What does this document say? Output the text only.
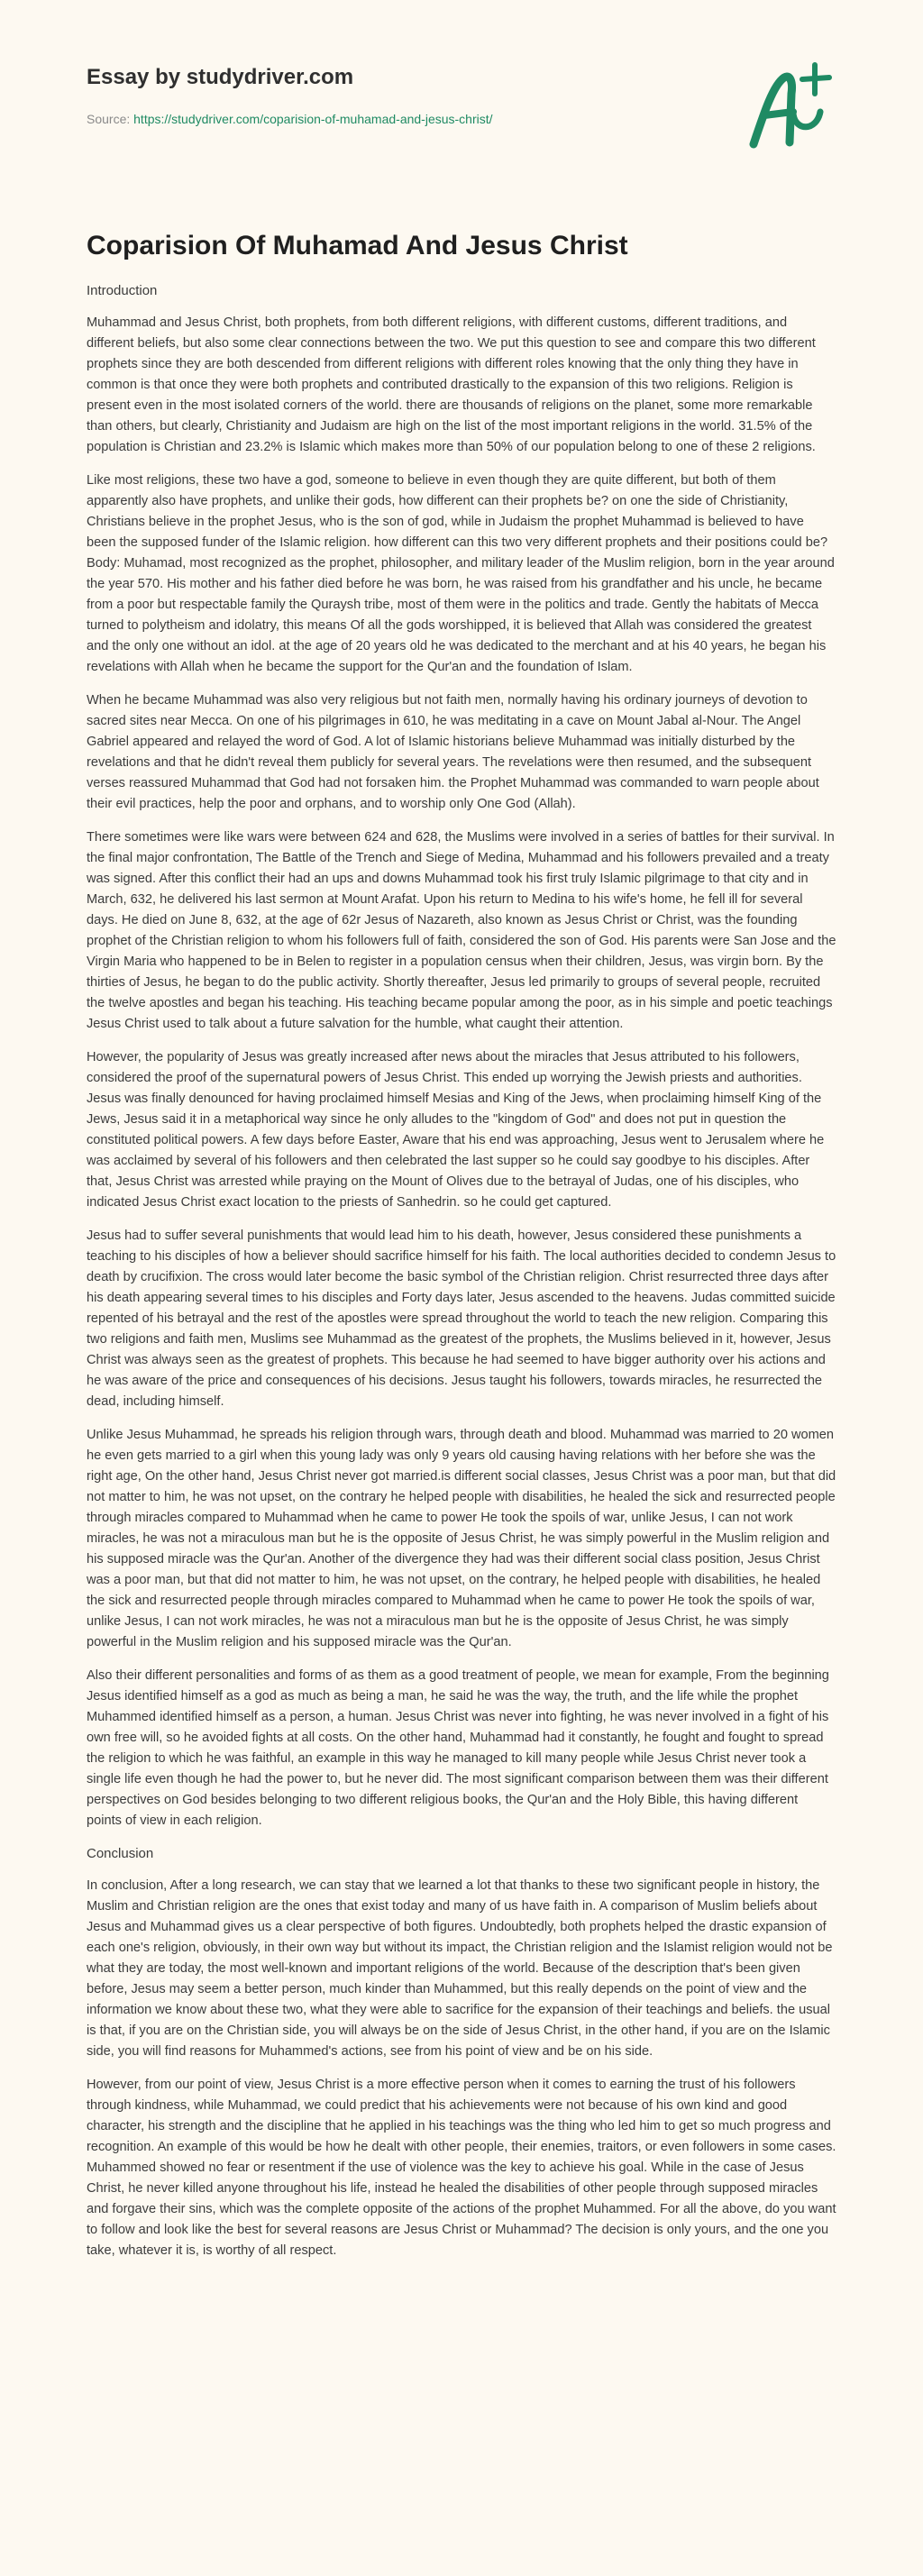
Essay by studydriver.com
Source: https://studydriver.com/coparision-of-muhamad-and-jesus-christ/
Coparision Of Muhamad And Jesus Christ

Introduction

Muhammad and Jesus Christ, both prophets, from both different religions, with different customs, different traditions, and different beliefs, but also some clear connections between the two. We put this question to see and compare this two different prophets since they are both descended from different religions with different roles knowing that the only thing they have in common is that once they were both prophets and contributed drastically to the expansion of this two religions. Religion is present even in the most isolated corners of the world. there are thousands of religions on the planet, some more remarkable than others, but clearly, Christianity and Judaism are high on the list of the most important religions in the world. 31.5% of the population is Christian and 23.2% is Islamic which makes more than 50% of our population belong to one of these 2 religions.

Like most religions, these two have a god, someone to believe in even though they are quite different, but both of them apparently also have prophets, and unlike their gods, how different can their prophets be? on one the side of Christianity, Christians believe in the prophet Jesus, who is the son of god, while in Judaism the prophet Muhammad is believed to have been the supposed funder of the Islamic religion. how different can this two very different prophets and their positions could be? Body: Muhamad, most recognized as the prophet, philosopher, and military leader of the Muslim religion, born in the year around the year 570. His mother and his father died before he was born, he was raised from his grandfather and his uncle, he became from a poor but respectable family the Quraysh tribe, most of them were in the politics and trade. Gently the habitats of Mecca turned to polytheism and idolatry, this means Of all the gods worshipped, it is believed that Allah was considered the greatest and the only one without an idol. at the age of 20 years old he was dedicated to the merchant and at his 40 years, he began his revelations with Allah when he became the support for the Qur'an and the foundation of Islam.

When he became Muhammad was also very religious but not faith men, normally having his ordinary journeys of devotion to sacred sites near Mecca. On one of his pilgrimages in 610, he was meditating in a cave on Mount Jabal al-Nour. The Angel Gabriel appeared and relayed the word of God. A lot of Islamic historians believe Muhammad was initially disturbed by the revelations and that he didn't reveal them publicly for several years. The revelations were then resumed, and the subsequent verses reassured Muhammad that God had not forsaken him. the Prophet Muhammad was commanded to warn people about their evil practices, help the poor and orphans, and to worship only One God (Allah).

There sometimes were like wars were between 624 and 628, the Muslims were involved in a series of battles for their survival. In the final major confrontation, The Battle of the Trench and Siege of Medina, Muhammad and his followers prevailed and a treaty was signed. After this conflict their had an ups and downs Muhammad took his first truly Islamic pilgrimage to that city and in March, 632, he delivered his last sermon at Mount Arafat. Upon his return to Medina to his wife's home, he fell ill for several days. He died on June 8, 632, at the age of 62r Jesus of Nazareth, also known as Jesus Christ or Christ, was the founding prophet of the Christian religion to whom his followers full of faith, considered the son of God. His parents were San Jose and the Virgin Maria who happened to be in Belen to register in a population census when their children, Jesus, was virgin born. By the thirties of Jesus, he began to do the public activity. Shortly thereafter, Jesus led primarily to groups of several people, recruited the twelve apostles and began his teaching. His teaching became popular among the poor, as in his simple and poetic teachings Jesus Christ used to talk about a future salvation for the humble, what caught their attention.

However, the popularity of Jesus was greatly increased after news about the miracles that Jesus attributed to his followers, considered the proof of the supernatural powers of Jesus Christ. This ended up worrying the Jewish priests and authorities. Jesus was finally denounced for having proclaimed himself Mesias and King of the Jews, when proclaiming himself King of the Jews, Jesus said it in a metaphorical way since he only alludes to the "kingdom of God" and does not put in question the constituted political powers. A few days before Easter, Aware that his end was approaching, Jesus went to Jerusalem where he was acclaimed by several of his followers and then celebrated the last supper so he could say goodbye to his disciples. After that, Jesus Christ was arrested while praying on the Mount of Olives due to the betrayal of Judas, one of his disciples, who indicated Jesus Christ exact location to the priests of Sanhedrin. so he could get captured.

Jesus had to suffer several punishments that would lead him to his death, however, Jesus considered these punishments a teaching to his disciples of how a believer should sacrifice himself for his faith. The local authorities decided to condemn Jesus to death by crucifixion. The cross would later become the basic symbol of the Christian religion. Christ resurrected three days after his death appearing several times to his disciples and Forty days later, Jesus ascended to the heavens. Judas committed suicide repented of his betrayal and the rest of the apostles were spread throughout the world to teach the new religion. Comparing this two religions and faith men, Muslims see Muhammad as the greatest of the prophets, the Muslims believed in it, however, Jesus Christ was always seen as the greatest of prophets. This because he had seemed to have bigger authority over his actions and he was aware of the price and consequences of his decisions. Jesus taught his followers, towards miracles, he resurrected the dead, including himself.

Unlike Jesus Muhammad, he spreads his religion through wars, through death and blood. Muhammad was married to 20 women he even gets married to a girl when this young lady was only 9 years old causing having relations with her before she was the right age, On the other hand, Jesus Christ never got married.is different social classes, Jesus Christ was a poor man, but that did not matter to him, he was not upset, on the contrary he helped people with disabilities, he healed the sick and resurrected people through miracles compared to Muhammad when he came to power He took the spoils of war, unlike Jesus, I can not work miracles, he was not a miraculous man but he is the opposite of Jesus Christ, he was simply powerful in the Muslim religion and his supposed miracle was the Qur'an. Another of the divergence they had was their different social class position, Jesus Christ was a poor man, but that did not matter to him, he was not upset, on the contrary, he helped people with disabilities, he healed the sick and resurrected people through miracles compared to Muhammad when he came to power He took the spoils of war, unlike Jesus, I can not work miracles, he was not a miraculous man but he is the opposite of Jesus Christ, he was simply powerful in the Muslim religion and his supposed miracle was the Qur'an.

Also their different personalities and forms of as them as a good treatment of people, we mean for example, From the beginning Jesus identified himself as a god as much as being a man, he said he was the way, the truth, and the life while the prophet Muhammed identified himself as a person, a human. Jesus Christ was never into fighting, he was never involved in a fight of his own free will, so he avoided fights at all costs. On the other hand, Muhammad had it constantly, he fought and fought to spread the religion to which he was faithful, an example in this way he managed to kill many people while Jesus Christ never took a single life even though he had the power to, but he never did. The most significant comparison between them was their different perspectives on God besides belonging to two different religious books, the Qur'an and the Holy Bible, this having different points of view in each religion.

Conclusion

In conclusion, After a long research, we can stay that we learned a lot that thanks to these two significant people in history, the Muslim and Christian religion are the ones that exist today and many of us have faith in. A comparison of Muslim beliefs about Jesus and Muhammad gives us a clear perspective of both figures. Undoubtedly, both prophets helped the drastic expansion of each one's religion, obviously, in their own way but without its impact, the Christian religion and the Islamist religion would not be what they are today, the most well-known and important religions of the world. Because of the description that's been given before, Jesus may seem a better person, much kinder than Muhammed, but this really depends on the point of view and the information we know about these two, what they were able to sacrifice for the expansion of their teachings and beliefs. the usual is that, if you are on the Christian side, you will always be on the side of Jesus Christ, in the other hand, if you are on the Islamic side, you will find reasons for Muhammed's actions, see from his point of view and be on his side.

However, from our point of view, Jesus Christ is a more effective person when it comes to earning the trust of his followers through kindness, while Muhammad, we could predict that his achievements were not because of his own kind and good character, his strength and the discipline that he applied in his teachings was the thing who led him to get so much progress and recognition. An example of this would be how he dealt with other people, their enemies, traitors, or even followers in some cases. Muhammed showed no fear or resentment if the use of violence was the key to achieve his goal. While in the case of Jesus Christ, he never killed anyone throughout his life, instead he healed the disabilities of other people through supposed miracles and forgave their sins, which was the complete opposite of the actions of the prophet Muhammed. For all the above, do you want to follow and look like the best for several reasons are Jesus Christ or Muhammad? The decision is only yours, and the one you take, whatever it is, is worthy of all respect.
